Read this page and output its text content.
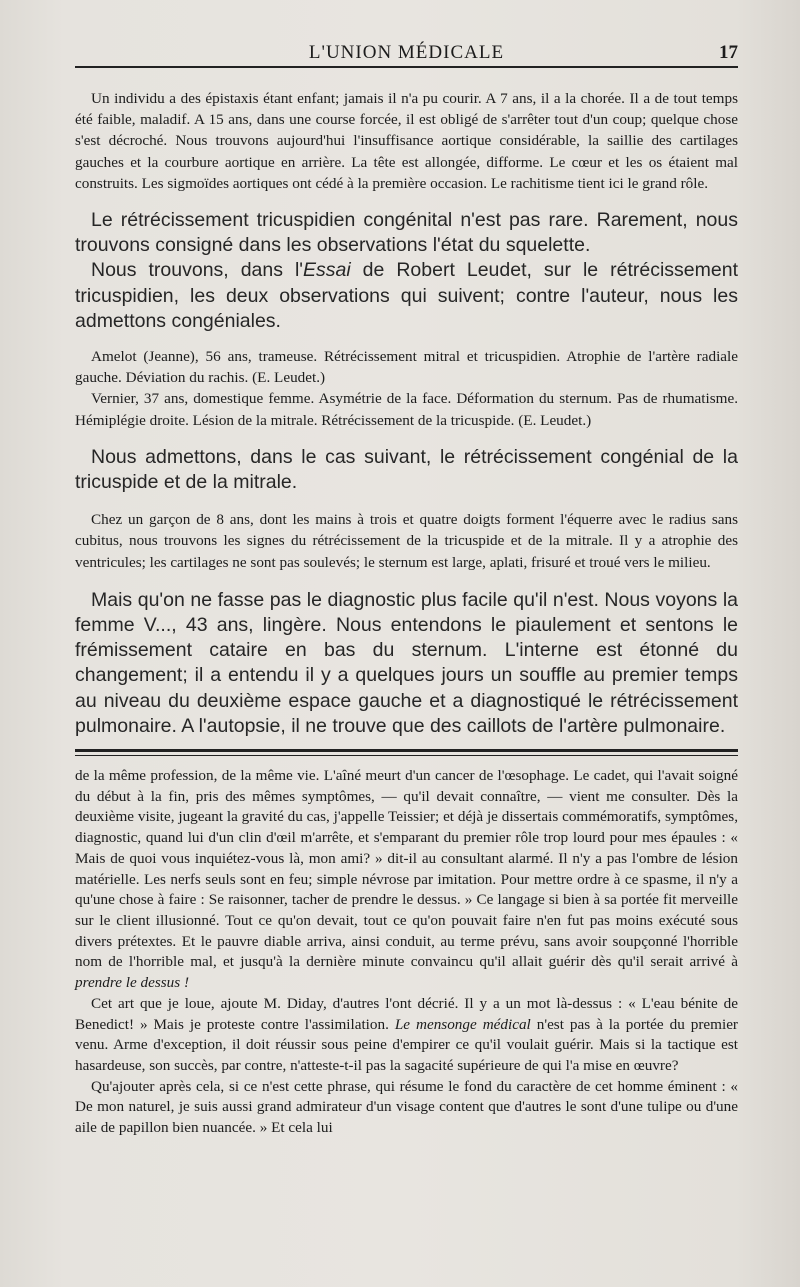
L'UNION MÉDICALE	17

Un individu a des épistaxis étant enfant; jamais il n'a pu courir. A 7 ans, il a la chorée. Il a de tout temps été faible, maladif. A 15 ans, dans une course forcée, il est obligé de s'arrêter tout d'un coup; quelque chose s'est décroché. Nous trouvons aujourd'hui l'insuffisance aortique considérable, la saillie des cartilages gauches et la courbure aortique en arrière. La tête est allongée, difforme. Le cœur et les os étaient mal construits. Les sigmoïdes aortiques ont cédé à la première occasion. Le rachitisme tient ici le grand rôle.

Le rétrécissement tricuspidien congénital n'est pas rare. Rarement, nous trouvons consigné dans les observations l'état du squelette.

Nous trouvons, dans l'Essai de Robert Leudet, sur le rétrécissement tricuspidien, les deux observations qui suivent; contre l'auteur, nous les admettons congéniales.

Amelot (Jeanne), 56 ans, trameuse. Rétrécissement mitral et tricuspidien. Atrophie de l'artère radiale gauche. Déviation du rachis. (E. Leudet.)

Vernier, 37 ans, domestique femme. Asymétrie de la face. Déformation du sternum. Pas de rhumatisme. Hémiplégie droite. Lésion de la mitrale. Rétrécissement de la tricuspide. (E. Leudet.)

Nous admettons, dans le cas suivant, le rétrécissement congénial de la tricuspide et de la mitrale.

Chez un garçon de 8 ans, dont les mains à trois et quatre doigts forment l'équerre avec le radius sans cubitus, nous trouvons les signes du rétrécissement de la tricuspide et de la mitrale. Il y a atrophie des ventricules; les cartilages ne sont pas soulevés; le sternum est large, aplati, frisuré et troué vers le milieu.

Mais qu'on ne fasse pas le diagnostic plus facile qu'il n'est. Nous voyons la femme V..., 43 ans, lingère. Nous entendons le piaulement et sentons le frémissement cataire en bas du sternum. L'interne est étonné du changement; il a entendu il y a quelques jours un souffle au premier temps au niveau du deuxième espace gauche et a diagnostiqué le rétrécissement pulmonaire. A l'autopsie, il ne trouve que des caillots de l'artère pulmonaire.

de la même profession, de la même vie. L'aîné meurt d'un cancer de l'œsophage. Le cadet, qui l'avait soigné du début à la fin, pris des mêmes symptômes, — qu'il devait connaître, — vient me consulter. Dès la deuxième visite, jugeant la gravité du cas, j'appelle Teissier; et déjà je dissertais commémoratifs, symptômes, diagnostic, quand lui d'un clin d'œil m'arrête, et s'emparant du premier rôle trop lourd pour mes épaules : « Mais de quoi vous inquiétez-vous là, mon ami? » dit-il au consultant alarmé. Il n'y a pas l'ombre de lésion matérielle. Les nerfs seuls sont en feu; simple névrose par imitation. Pour mettre ordre à ce spasme, il n'y a qu'une chose à faire : Se raisonner, tacher de prendre le dessus. » Ce langage si bien à sa portée fit merveille sur le client illusionné. Tout ce qu'on devait, tout ce qu'on pouvait faire n'en fut pas moins exécuté sous divers prétextes. Et le pauvre diable arriva, ainsi conduit, au terme prévu, sans avoir soupçonné l'horrible nom de l'horrible mal, et jusqu'à la dernière minute convaincu qu'il allait guérir dès qu'il serait arrivé à prendre le dessus !

Cet art que je loue, ajoute M. Diday, d'autres l'ont décrié. Il y a un mot là-dessus : « L'eau bénite de Benedict! » Mais je proteste contre l'assimilation. Le mensonge médical n'est pas à la portée du premier venu. Arme d'exception, il doit réussir sous peine d'empirer ce qu'il voulait guérir. Mais si la tactique est hasardeuse, son succès, par contre, n'atteste-t-il pas la sagacité supérieure de qui l'a mise en œuvre?

Qu'ajouter après cela, si ce n'est cette phrase, qui résume le fond du caractère de cet homme éminent : « De mon naturel, je suis aussi grand admirateur d'un visage content que d'autres le sont d'une tulipe ou d'une aile de papillon bien nuancée. » Et cela lui
